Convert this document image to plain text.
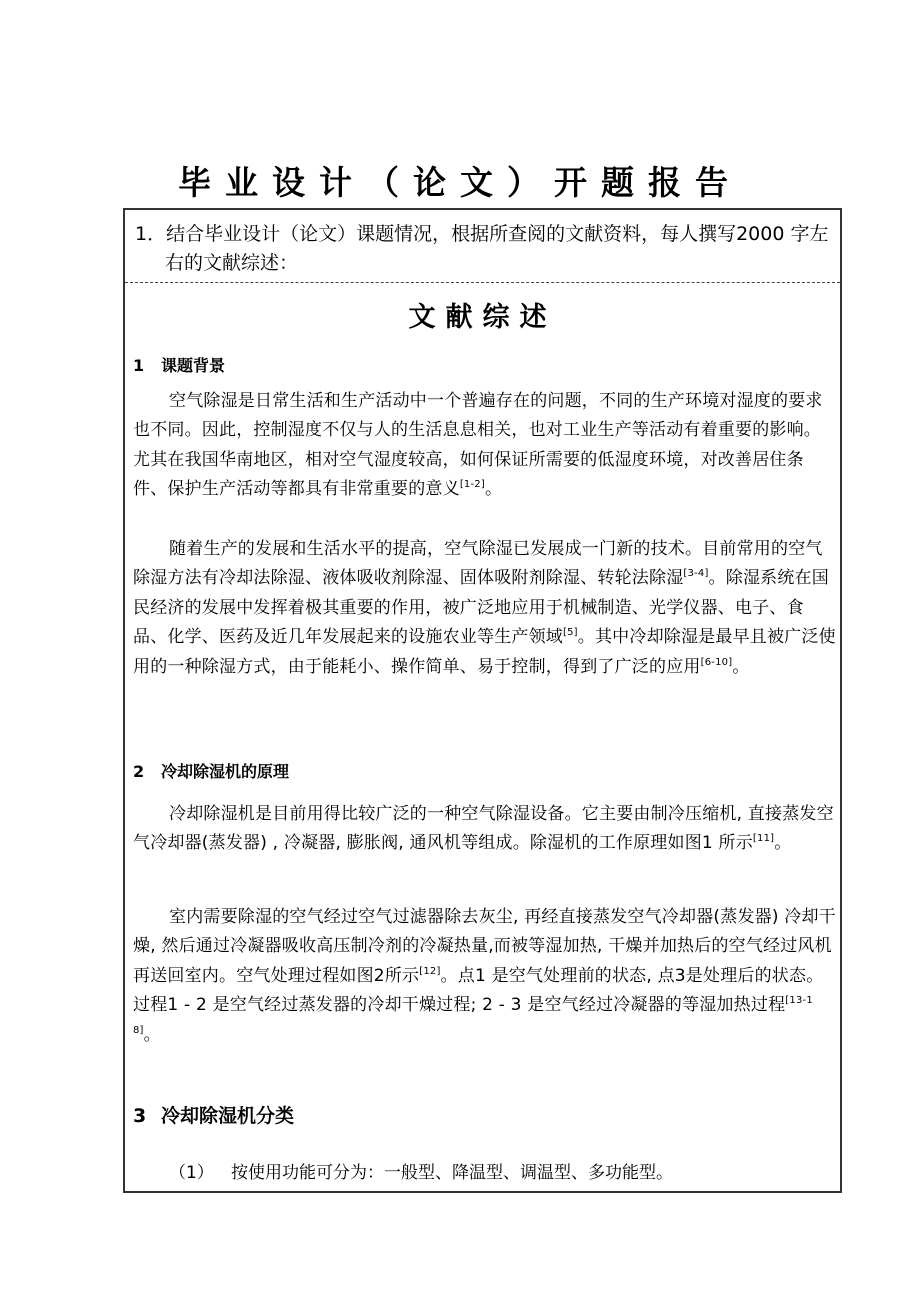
毕业设计（论文）开题报告
1．结合毕业设计（论文）课题情况，根据所查阅的文献资料，每人撰写2000 字左右的文献综述：
文献综述
1 课题背景
空气除湿是日常生活和生产活动中一个普遍存在的问题，不同的生产环境对湿度的要求也不同。因此，控制湿度不仅与人的生活息息相关，也对工业生产等活动有着重要的影响。尤其在我国华南地区，相对空气湿度较高，如何保证所需要的低湿度环境，对改善居住条件、保护生产活动等都具有非常重要的意义[1-2]。
随着生产的发展和生活水平的提高，空气除湿已发展成一门新的技术。目前常用的空气除湿方法有冷却法除湿、液体吸收剂除湿、固体吸附剂除湿、转轮法除湿[3-4]。除湿系统在国民经济的发展中发挥着极其重要的作用，被广泛地应用于机械制造、光学仪器、电子、食品、化学、医药及近几年发展起来的设施农业等生产领域[5]。其中冷却除湿是最早且被广泛使用的一种除湿方式，由于能耗小、操作简单、易于控制，得到了广泛的应用[6-10]。
2 冷却除湿机的原理
冷却除湿机是目前用得比较广泛的一种空气除湿设备。它主要由制冷压缩机, 直接蒸发空气冷却器(蒸发器) , 冷凝器, 膨胀阀, 通风机等组成。除湿机的工作原理如图1 所示[11]。
室内需要除湿的空气经过空气过滤器除去灰尘, 再经直接蒸发空气冷却器(蒸发器) 冷却干燥, 然后通过冷凝器吸收高压制冷剂的冷凝热量,而被等湿加热, 干燥并加热后的空气经过风机再送回室内。空气处理过程如图2所示[12]。点1 是空气处理前的状态, 点3是处理后的状态。过程1 - 2 是空气经过蒸发器的冷却干燥过程; 2 - 3 是空气经过冷凝器的等湿加热过程[13-18]。
3 冷却除湿机分类
（1） 按使用功能可分为：一般型、降温型、调温型、多功能型。
